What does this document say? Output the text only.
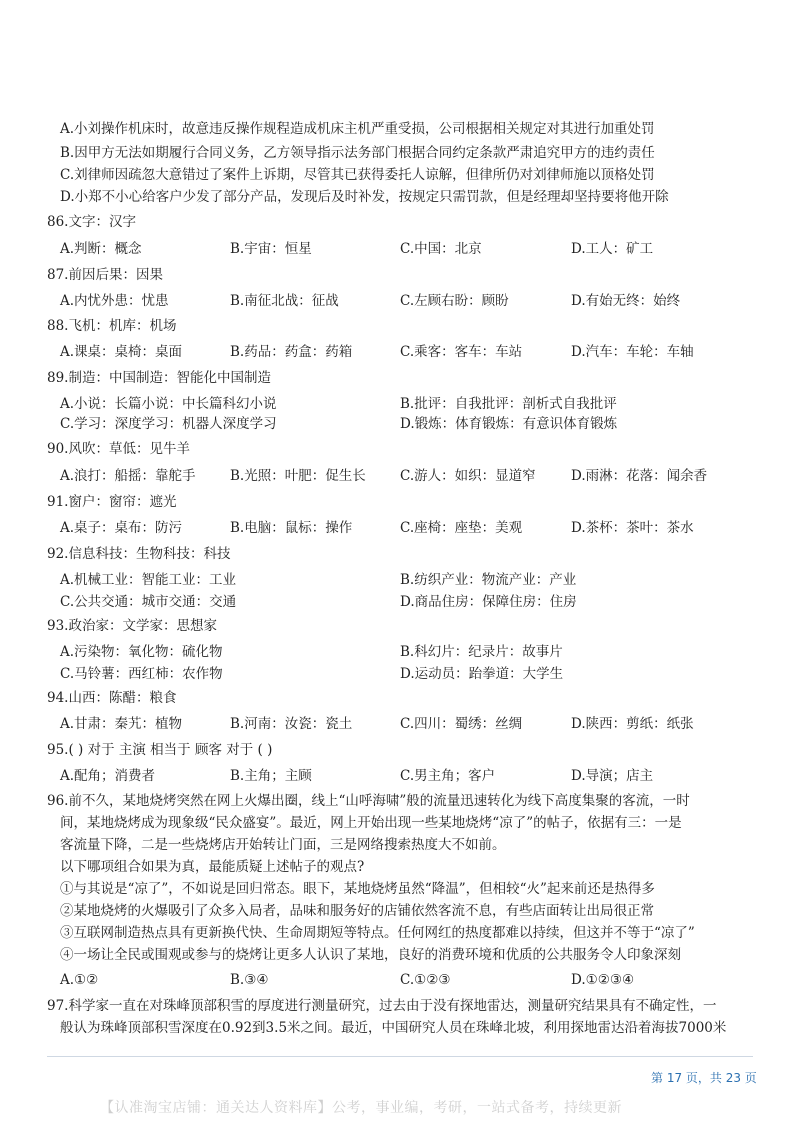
A.小刘操作机床时，故意违反操作规程造成机床主机严重受损，公司根据相关规定对其进行加重处罚
B.因甲方无法如期履行合同义务，乙方领导指示法务部门根据合同约定条款严肃追究甲方的违约责任
C.刘律师因疏忽大意错过了案件上诉期，尽管其已获得委托人谅解，但律所仍对刘律师施以顶格处罚
D.小郑不小心给客户少发了部分产品，发现后及时补发，按规定只需罚款，但是经理却坚持要将他开除
86.文字：汉字
A.判断：概念	B.宇宙：恒星	C.中国：北京	D.工人：矿工
87.前因后果：因果
A.内忧外患：忧患	B.南征北战：征战	C.左顾右盼：顾盼	D.有始无终：始终
88.飞机：机库：机场
A.课桌：桌椅：桌面	B.药品：药盒：药箱	C.乘客：客车：车站	D.汽车：车轮：车轴
89.制造：中国制造：智能化中国制造
A.小说：长篇小说：中长篇科幻小说	B.批评：自我批评：剖析式自我批评
C.学习：深度学习：机器人深度学习	D.锻炼：体育锻炼：有意识体育锻炼
90.风吹：草低：见牛羊
A.浪打：船摇：靠舵手	B.光照：叶肥：促生长	C.游人：如织：显道窄	D.雨淋：花落：闻余香
91.窗户：窗帘：遮光
A.桌子：桌布：防污	B.电脑：鼠标：操作	C.座椅：座垫：美观	D.茶杯：茶叶：茶水
92.信息科技：生物科技：科技
A.机械工业：智能工业：工业	B.纺织产业：物流产业：产业
C.公共交通：城市交通：交通	D.商品住房：保障住房：住房
93.政治家：文学家：思想家
A.污染物：氧化物：硫化物	B.科幻片：纪录片：故事片
C.马铃薯：西红柿：农作物	D.运动员：跆拳道：大学生
94.山西：陈醋：粮食
A.甘肃：秦艽：植物	B.河南：汝瓷：瓷土	C.四川：蜀绣：丝绸	D.陕西：剪纸：纸张
95.( ) 对于 主演 相当于 顾客 对于 ( )
A.配角；消费者	B.主角；主顾	C.男主角；客户	D.导演；店主
96.前不久，某地烧烤突然在网上火爆出圈，线上“山呼海啸”般的流量迅速转化为线下高度集聚的客流，一时
间，某地烧烤成为现象级“民众盛宴”。最近，网上开始出现一些某地烧烤“凉了”的帖子，依据有三：一是
客流量下降，二是一些烧烤店开始转让门面，三是网络搜索热度大不如前。
以下哪项组合如果为真，最能质疑上述帖子的观点?
①与其说是“凉了”，不如说是回归常态。眼下，某地烧烤虽然“降温”，但相较“火”起来前还是热得多
②某地烧烤的火爆吸引了众多入局者，品味和服务好的店铺依然客流不息，有些店面转让出局很正常
③互联网制造热点具有更新换代快、生命周期短等特点。任何网红的热度都难以持续，但这并不等于“凉了”
④一场让全民或围观或参与的烧烤让更多人认识了某地，良好的消费环境和优质的公共服务令人印象深刻
A.①②	B.③④	C.①②③	D.①②③④
97.科学家一直在对珠峰顶部积雪的厚度进行测量研究，过去由于没有探地雷达，测量研究结果具有不确定性，一
般认为珠峰顶部积雪深度在0.92到3.5米之间。最近，中国研究人员在珠峰北坡，利用探地雷达沿着海拔7000米
第 17 页，共 23 页
【认准淘宝店铺：通关达人资料库】公考，事业编，考研，一站式备考，持续更新
